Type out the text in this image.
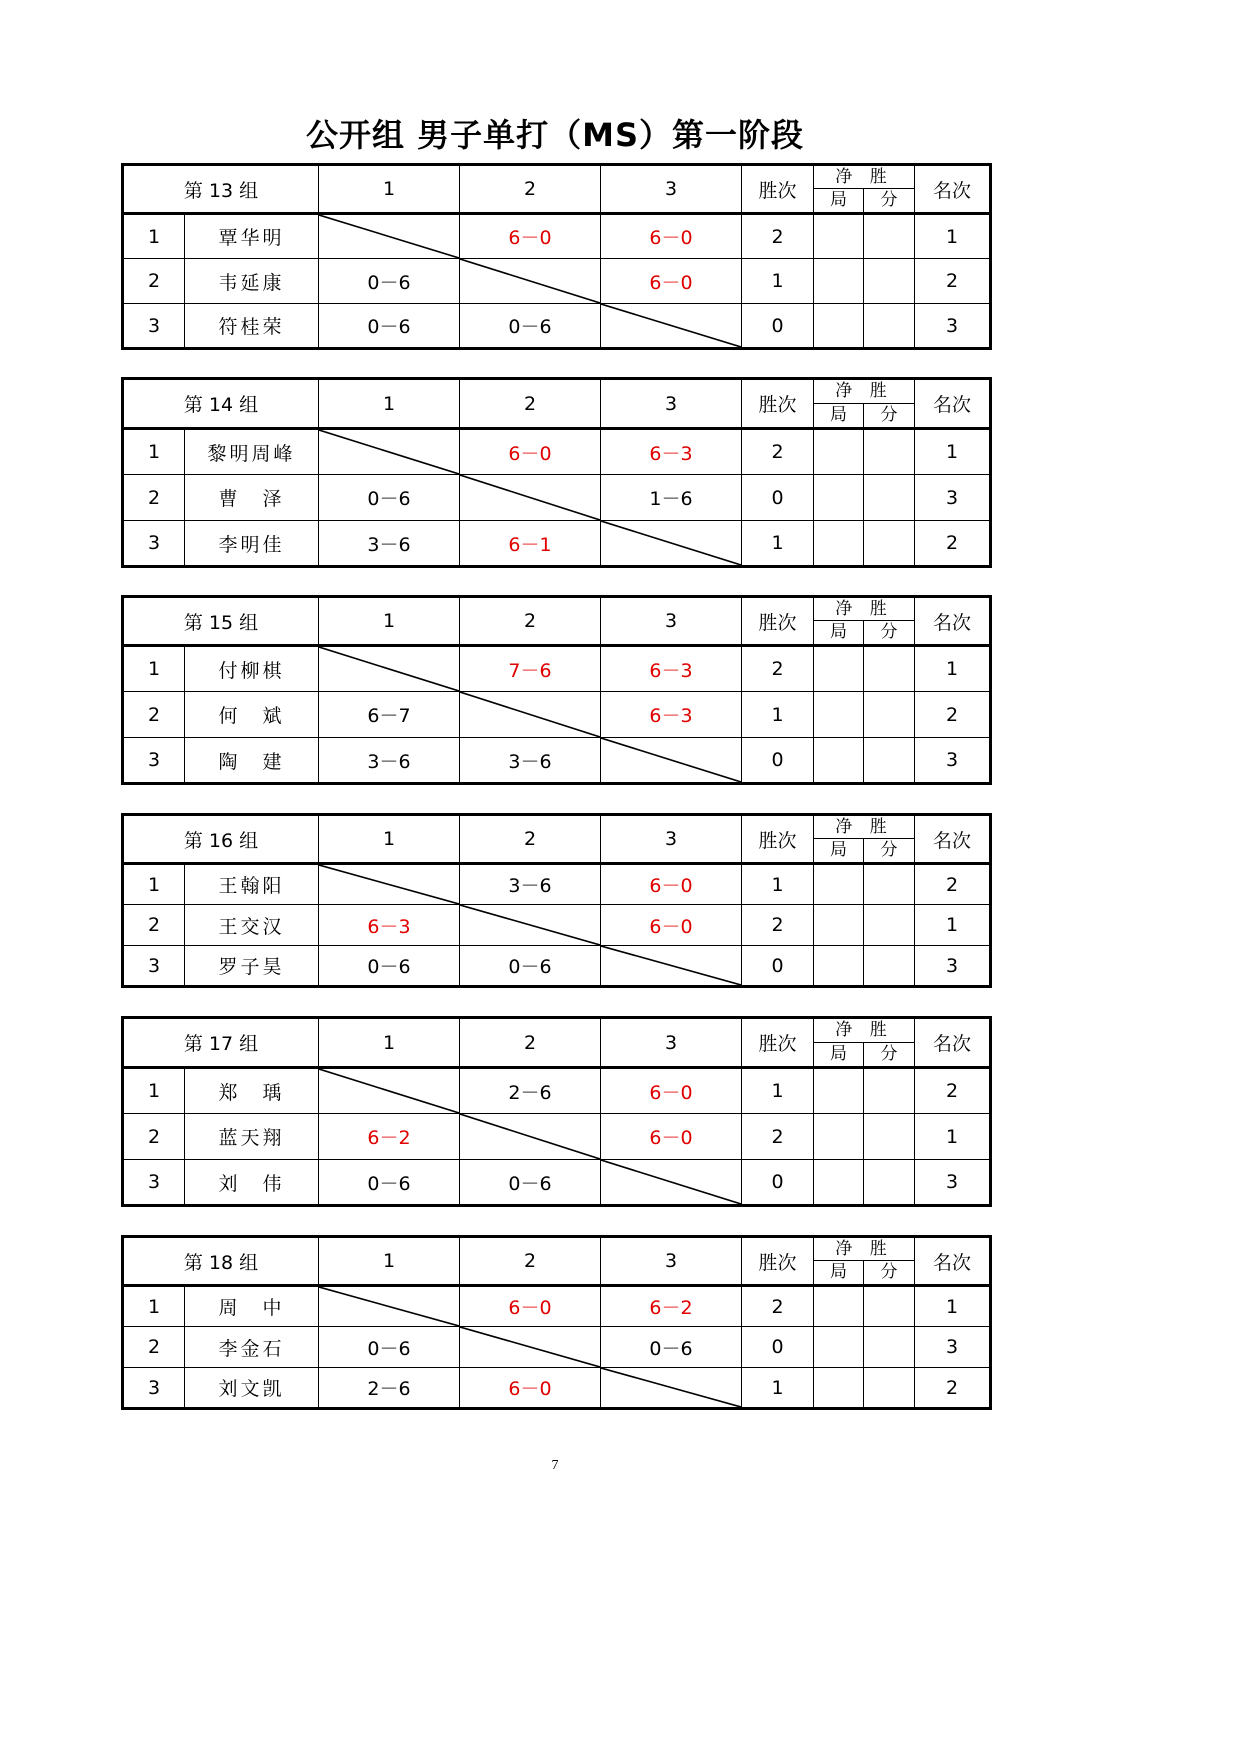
公开组 男子单打（MS）第一阶段
第 13 组		1	2	3	胜次	净 胜
局 分		名次
1	覃华明		6－0	6－0	2			1
2	韦延康	0－6		6－0	1			2
3	符桂荣	0－6	0－6		0			3
第 14 组		1	2	3	胜次	净 胜
局 分		名次
1	黎明周峰		6－0	6－3	2			1
2	曹　泽	0－6		1－6	0			3
3	李明佳	3－6	6－1		1			2
第 15 组		1	2	3	胜次	净 胜
局 分		名次
1	付柳棋		7－6	6－3	2			1
2	何　斌	6－7		6－3	1			2
3	陶　建	3－6	3－6		0			3
第 16 组		1	2	3	胜次	净 胜
局 分		名次
1	王翰阳		3－6	6－0	1			2
2	王交汉	6－3		6－0	2			1
3	罗子昊	0－6	0－6		0			3
第 17 组		1	2	3	胜次	净 胜
局 分		名次
1	郑　瑀		2－6	6－0	1			2
2	蓝天翔	6－2		6－0	2			1
3	刘　伟	0－6	0－6		0			3
第 18 组		1	2	3	胜次	净 胜
局 分		名次
1	周　中		6－0	6－2	2			1
2	李金石	0－6		0－6	0			3
3	刘文凯	2－6	6－0		1			2
7
